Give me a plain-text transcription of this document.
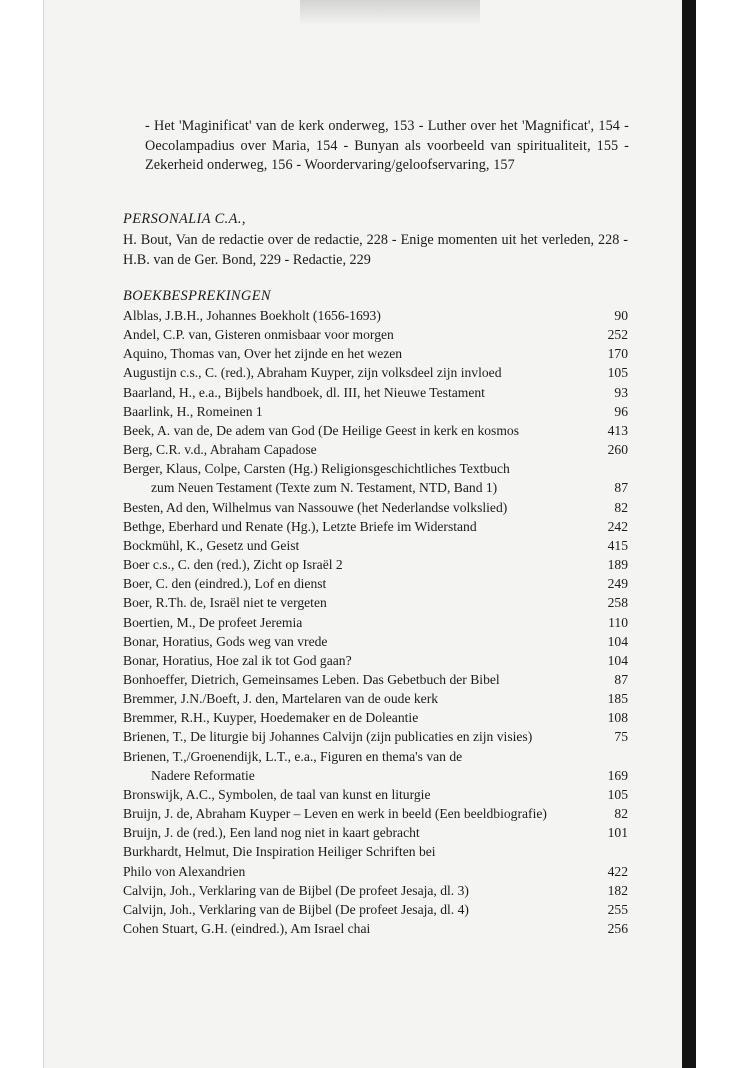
- Het 'Maginificat' van de kerk onderweg, 153 - Luther over het 'Magnificat', 154 - Oecolampadius over Maria, 154 - Bunyan als voorbeeld van spiritualiteit, 155 - Zekerheid onderweg, 156 - Woordervaring/geloofservaring, 157

PERSONALIA C.A.,

H. Bout, Van de redactie over de redactie, 228 - Enige momenten uit het verleden, 228 - H.B. van de Ger. Bond, 229 - Redactie, 229

BOEKBESPREKINGEN
Alblas, J.B.H., Johannes Boekholt (1656-1693)	90
Andel, C.P. van, Gisteren onmisbaar voor morgen	252
Aquino, Thomas van, Over het zijnde en het wezen	170
Augustijn c.s., C. (red.), Abraham Kuyper, zijn volksdeel zijn invloed	105
Baarland, H., e.a., Bijbels handboek, dl. III, het Nieuwe Testament	93
Baarlink, H., Romeinen 1	96
Beek, A. van de, De adem van God (De Heilige Geest in kerk en kosmos	413
Berg, C.R. v.d., Abraham Capadose	260
Berger, Klaus, Colpe, Carsten (Hg.) Religionsgeschichtliches Textbuch
zum Neuen Testament (Texte zum N. Testament, NTD, Band 1)	87
Besten, Ad den, Wilhelmus van Nassouwe (het Nederlandse volkslied)	82
Bethge, Eberhard und Renate (Hg.), Letzte Briefe im Widerstand	242
Bockmühl, K., Gesetz und Geist	415
Boer c.s., C. den (red.), Zicht op Israël 2	189
Boer, C. den (eindred.), Lof en dienst	249
Boer, R.Th. de, Israël niet te vergeten	258
Boertien, M., De profeet Jeremia	110
Bonar, Horatius, Gods weg van vrede	104
Bonar, Horatius, Hoe zal ik tot God gaan?	104
Bonhoeffer, Dietrich, Gemeinsames Leben. Das Gebetbuch der Bibel	87
Bremmer, J.N./Boeft, J. den, Martelaren van de oude kerk	185
Bremmer, R.H., Kuyper, Hoedemaker en de Doleantie	108
Brienen, T., De liturgie bij Johannes Calvijn (zijn publicaties en zijn visies)	75
Brienen, T.,/Groenendijk, L.T., e.a., Figuren en thema's van de
Nadere Reformatie	169
Bronswijk, A.C., Symbolen, de taal van kunst en liturgie	105
Bruijn, J. de, Abraham Kuyper – Leven en werk in beeld (Een beeldbiografie)	82
Bruijn, J. de (red.), Een land nog niet in kaart gebracht	101
Burkhardt, Helmut, Die Inspiration Heiliger Schriften bei
Philo von Alexandrien	422
Calvijn, Joh., Verklaring van de Bijbel (De profeet Jesaja, dl. 3)	182
Calvijn, Joh., Verklaring van de Bijbel (De profeet Jesaja, dl. 4)	255
Cohen Stuart, G.H. (eindred.), Am Israel chai	256
